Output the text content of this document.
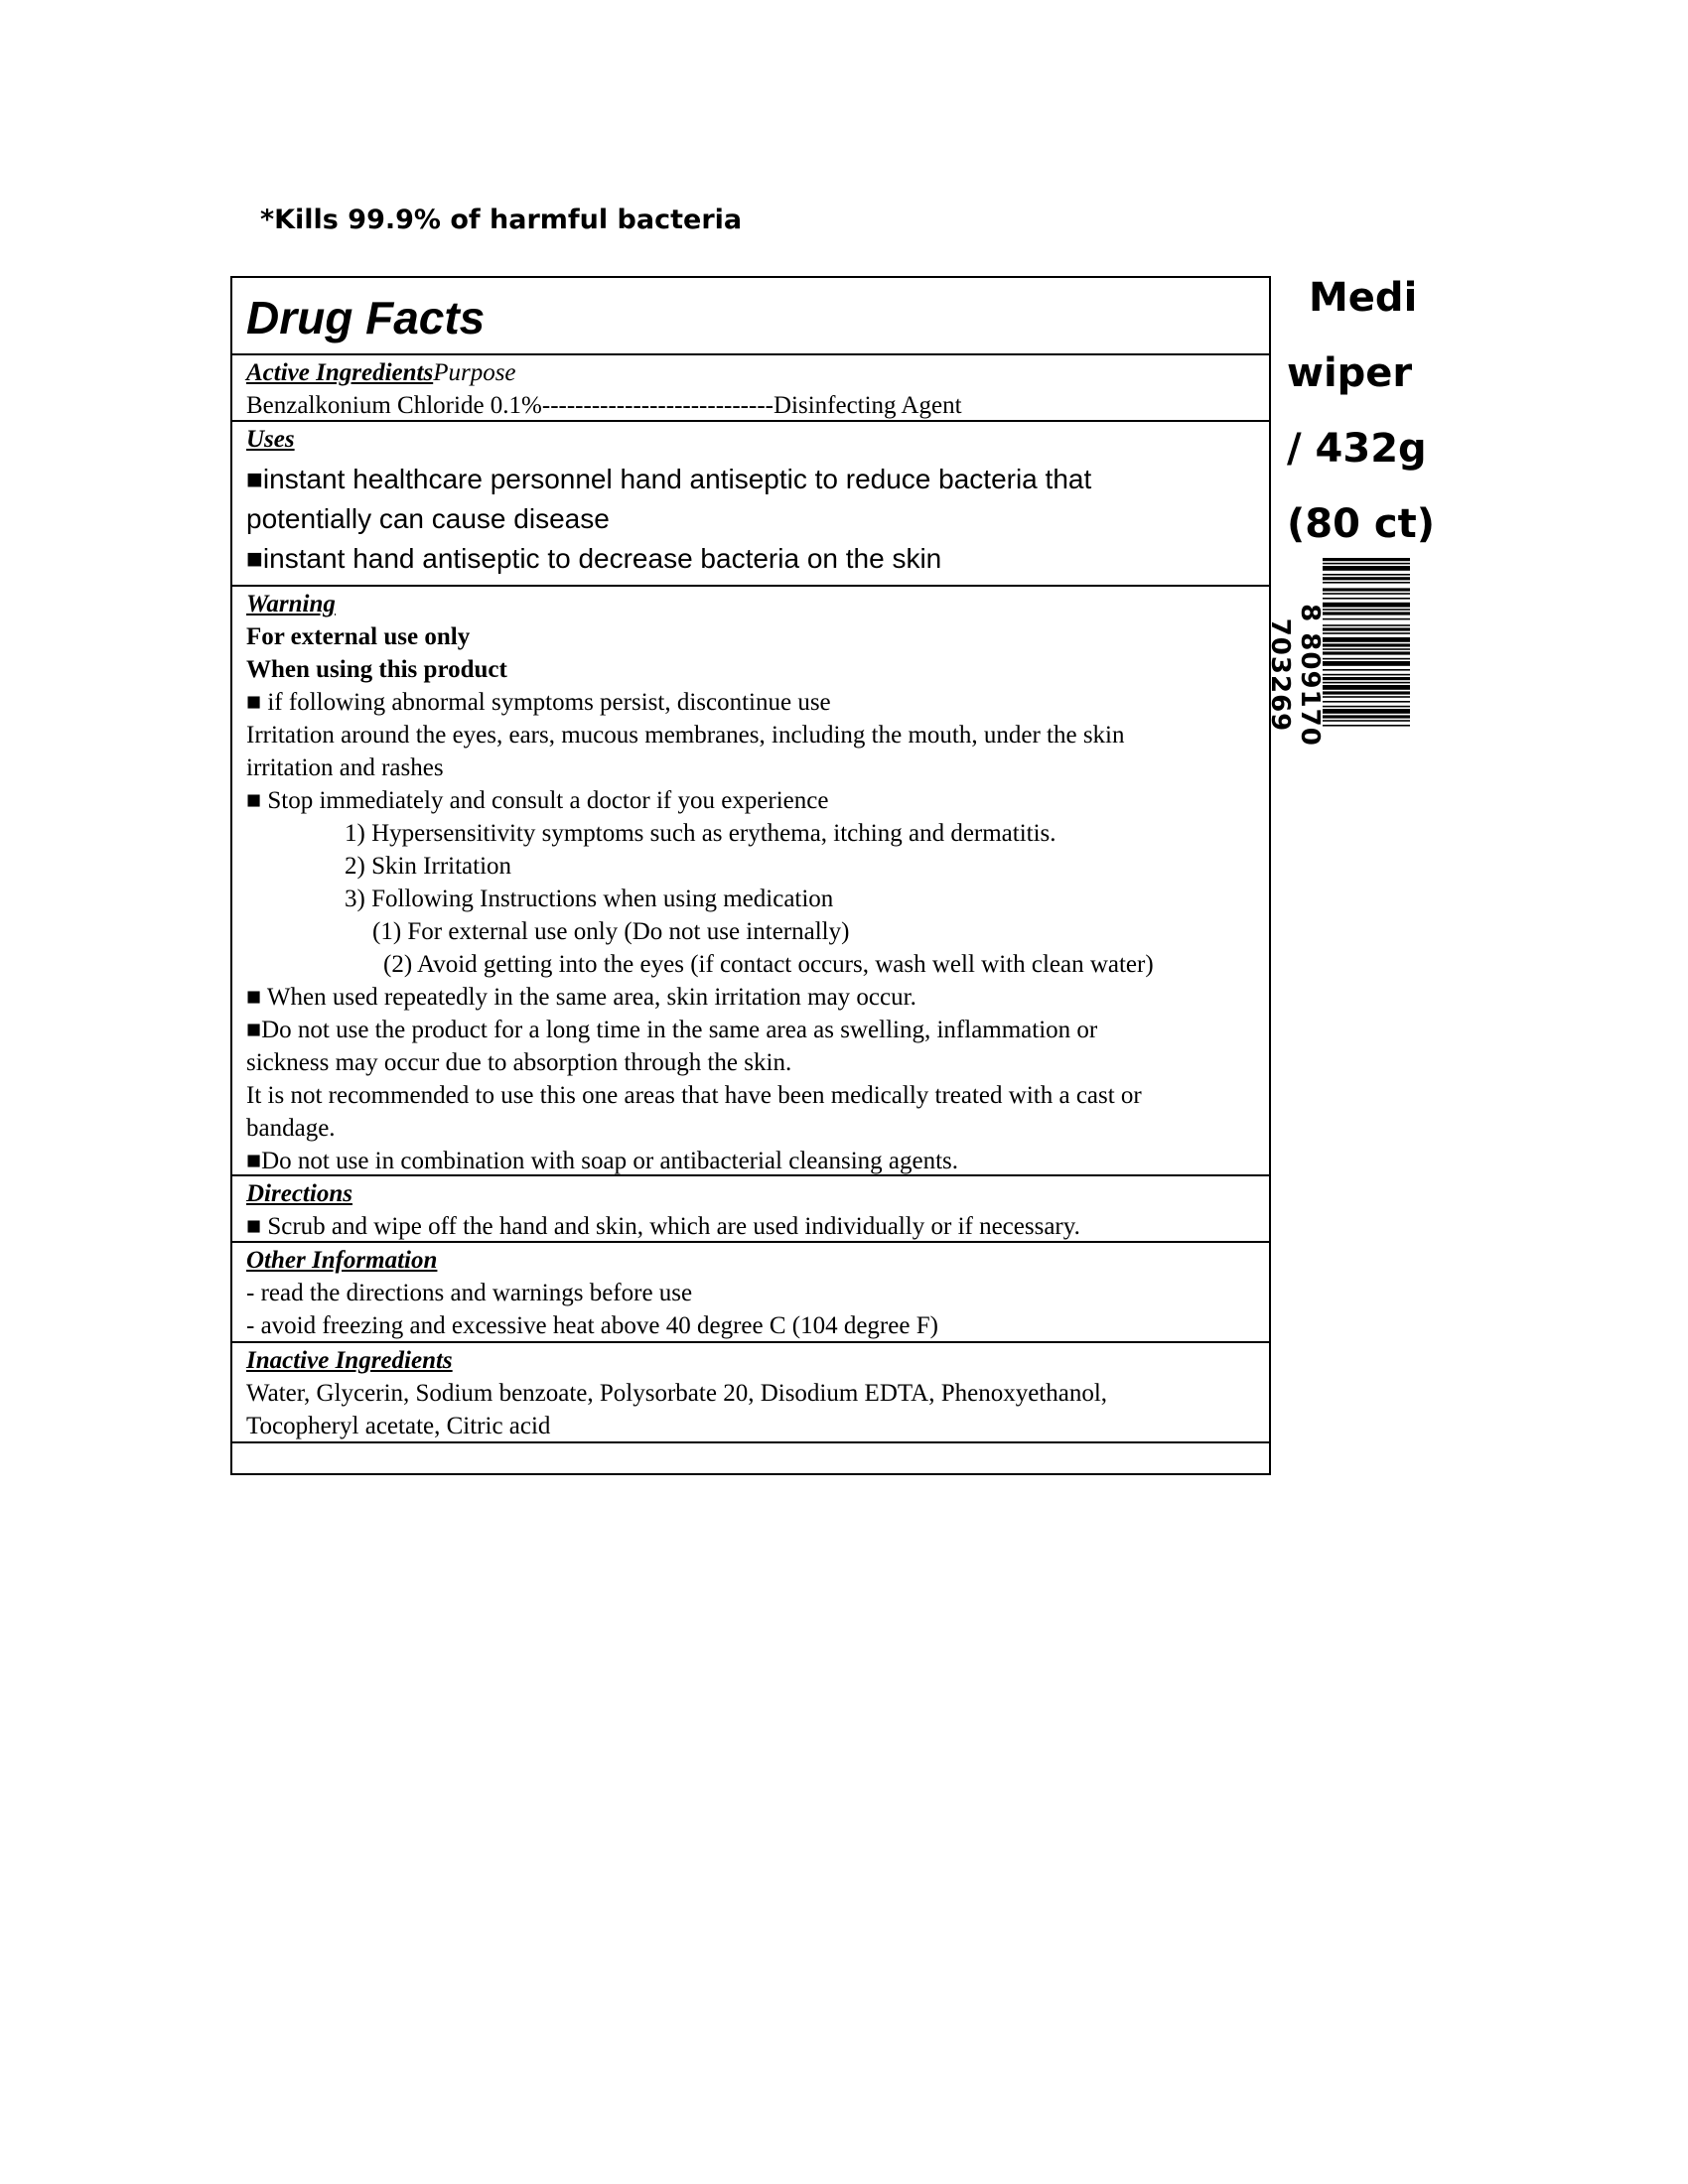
*Kills 99.9% of harmful bacteria
Drug Facts
Active IngredientsPurpose
Benzalkonium Chloride 0.1%----------------------------Disinfecting Agent
Uses
■instant healthcare personnel hand antiseptic to reduce bacteria that
potentially can cause disease
■instant hand antiseptic to decrease bacteria on the skin
Warning
For external use only
When using this product
■ if following abnormal symptoms persist, discontinue use
Irritation around the eyes, ears, mucous membranes, including the mouth, under the skin
irritation and rashes
■ Stop immediately and consult a doctor if you experience
1) Hypersensitivity symptoms such as erythema, itching and dermatitis.
2) Skin Irritation
3) Following Instructions when using medication
(1) For external use only (Do not use internally)
(2) Avoid getting into the eyes (if contact occurs, wash well with clean water)
■ When used repeatedly in the same area, skin irritation may occur.
■Do not use the product for a long time in the same area as swelling, inflammation or
sickness may occur due to absorption through the skin.
It is not recommended to use this one areas that have been medically treated with a cast or
bandage.
■Do not use in combination with soap or antibacterial cleansing agents.
Directions
■ Scrub and wipe off the hand and skin, which are used individually or if necessary.
Other Information
- read the directions and warnings before use
- avoid freezing and excessive heat above 40 degree C (104 degree F)
Inactive Ingredients
Water, Glycerin, Sodium benzoate, Polysorbate 20, Disodium EDTA, Phenoxyethanol,
Tocopheryl acetate, Citric acid
Medi
wiper
/ 432g
(80 ct)
8 809170 703269
